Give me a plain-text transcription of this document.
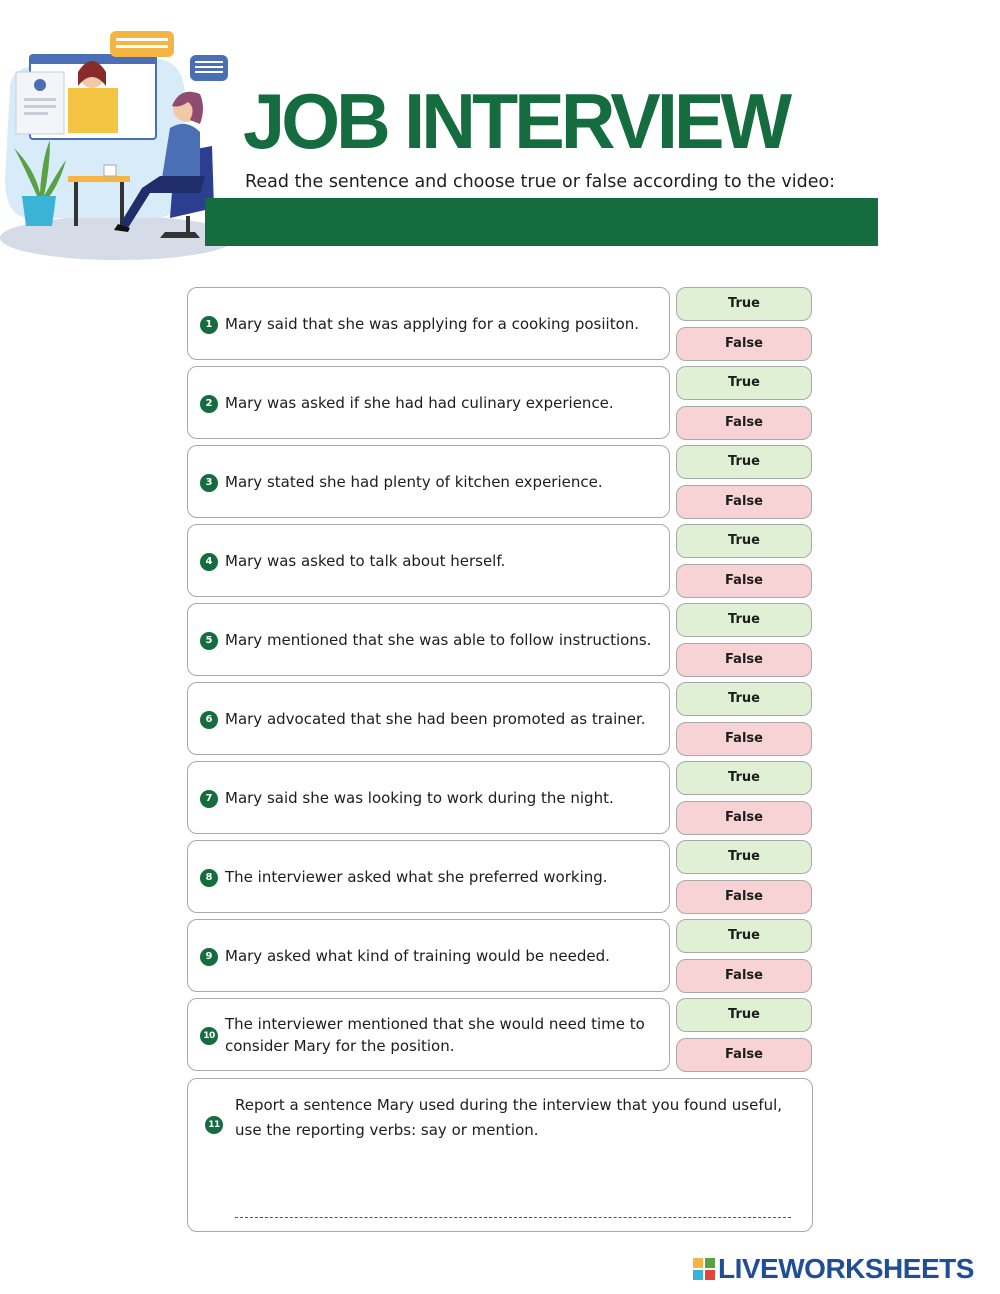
JOB INTERVIEW
Read the sentence and choose true or false according to the video:
1 Mary said that she was applying for a cooking posiiton.
True
False
2 Mary was asked if she had had culinary experience.
True
False
3 Mary stated she had plenty of kitchen experience.
True
False
4 Mary was asked to talk about herself.
True
False
5 Mary mentioned that she was able to follow instructions.
True
False
6 Mary advocated that she had been promoted as trainer.
True
False
7 Mary said she was looking to work during the night.
True
False
8 The interviewer asked what she preferred working.
True
False
9 Mary asked what kind of training would be needed.
True
False
10
The interviewer mentioned that she would need time to consider Mary for the position.
True
False
11
Report a sentence Mary used during the interview that you found useful, use the reporting verbs: say or mention.
LIVEWORKSHEETS
